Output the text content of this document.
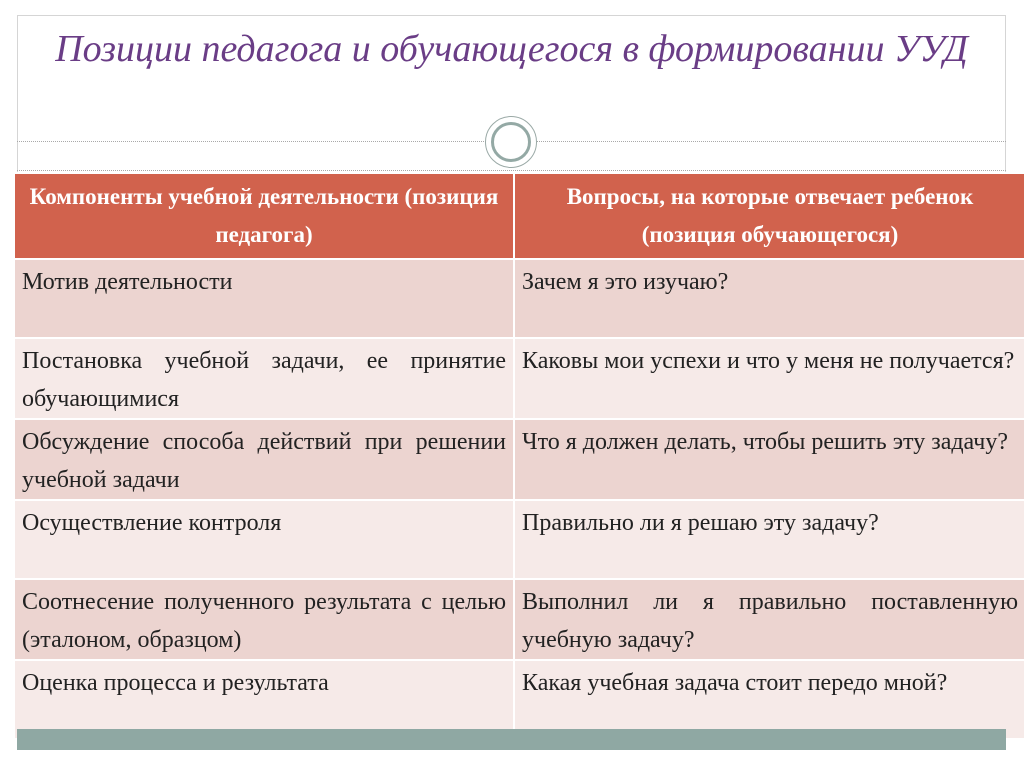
Позиции педагога и обучающегося в формировании УУД
Компоненты учебной деятельности (позиция педагога)	Вопросы, на которые отвечает ребенок (позиция обучающегося)
Мотив деятельности	Зачем я это изучаю?
Постановка учебной задачи, ее принятие обучающимися	Каковы мои успехи и что у меня не получается?
Обсуждение способа действий при решении учебной задачи	Что я должен делать, чтобы решить эту задачу?
Осуществление контроля	Правильно ли я решаю эту задачу?
Соотнесение полученного результата с целью (эталоном, образцом)	Выполнил ли я правильно поставленную учебную задачу?
Оценка процесса и результата	Какая учебная задача стоит передо мной?
